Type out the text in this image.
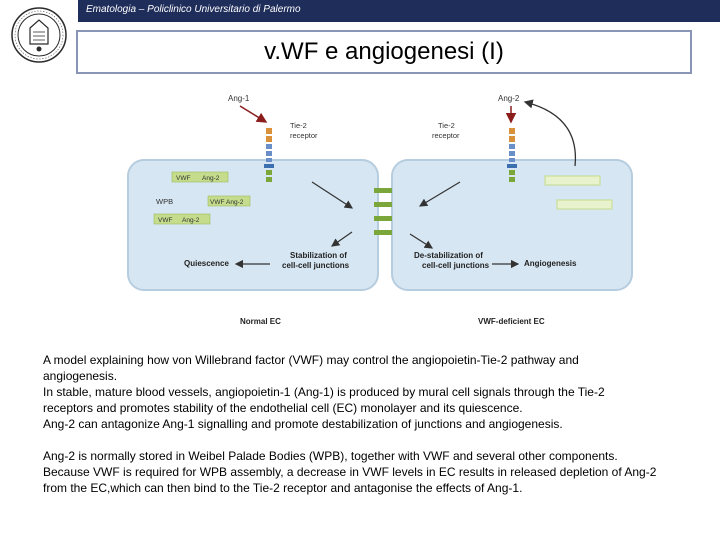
Ematologia – Policlinico Universitario di Palermo
v.WF e angiogenesi (I)
Ang-1
Tie-2
receptor
Ang-2
Tie-2
receptor
VWF Ang-2
WPB	VWF Ang-2
VWF Ang-2
Stabilization of
cell-cell junctions
Quiescence
De-stabilization of
cell-cell junctions	Angiogenesis
Normal EC	VWF-deficient EC

A model explaining how von Willebrand factor (VWF) may control the angiopoietin-Tie-2 pathway and

angiogenesis.

In stable, mature blood vessels, angiopoietin-1 (Ang-1) is produced by mural cell signals through the Tie-2

receptors and promotes stability of the endothelial cell (EC) monolayer and its quiescence.

Ang-2 can antagonize Ang-1 signalling and promote destabilization of junctions and angiogenesis.

Ang-2 is normally stored in Weibel Palade Bodies (WPB), together with VWF and several other components.

Because VWF is required for WPB assembly, a decrease in VWF levels in EC results in released depletion of Ang-2

from the EC,which can then bind to the Tie-2 receptor and antagonise the effects of Ang-1.
